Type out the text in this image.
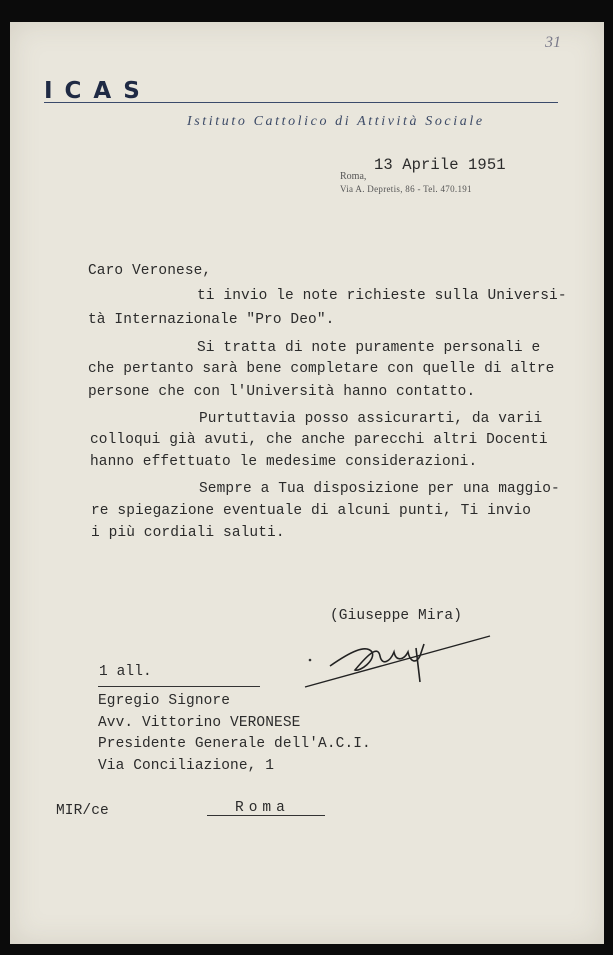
31
ICAS
Istituto Cattolico di Attività Sociale
13 Aprile 1951
Roma,
Via A. Depretis, 86 - Tel. 470.191

Caro Veronese,

ti invio le note richieste sulla Universi-

tà Internazionale "Pro Deo".

Si tratta di note puramente personali e

che pertanto sarà bene completare con quelle di altre

persone che con l'Università hanno contatto.

Purtuttavia posso assicurarti, da varii

colloqui già avuti, che anche parecchi altri Docenti

hanno effettuato le medesime considerazioni.

Sempre a Tua disposizione per una maggio-

re spiegazione eventuale di alcuni punti, Ti invio

i più cordiali saluti.

(Giuseppe Mira)
1 all.

Egregio Signore

Avv. Vittorino VERONESE

Presidente Generale dell'A.C.I.

Via Conciliazione, 1

MIR/ce	Roma
